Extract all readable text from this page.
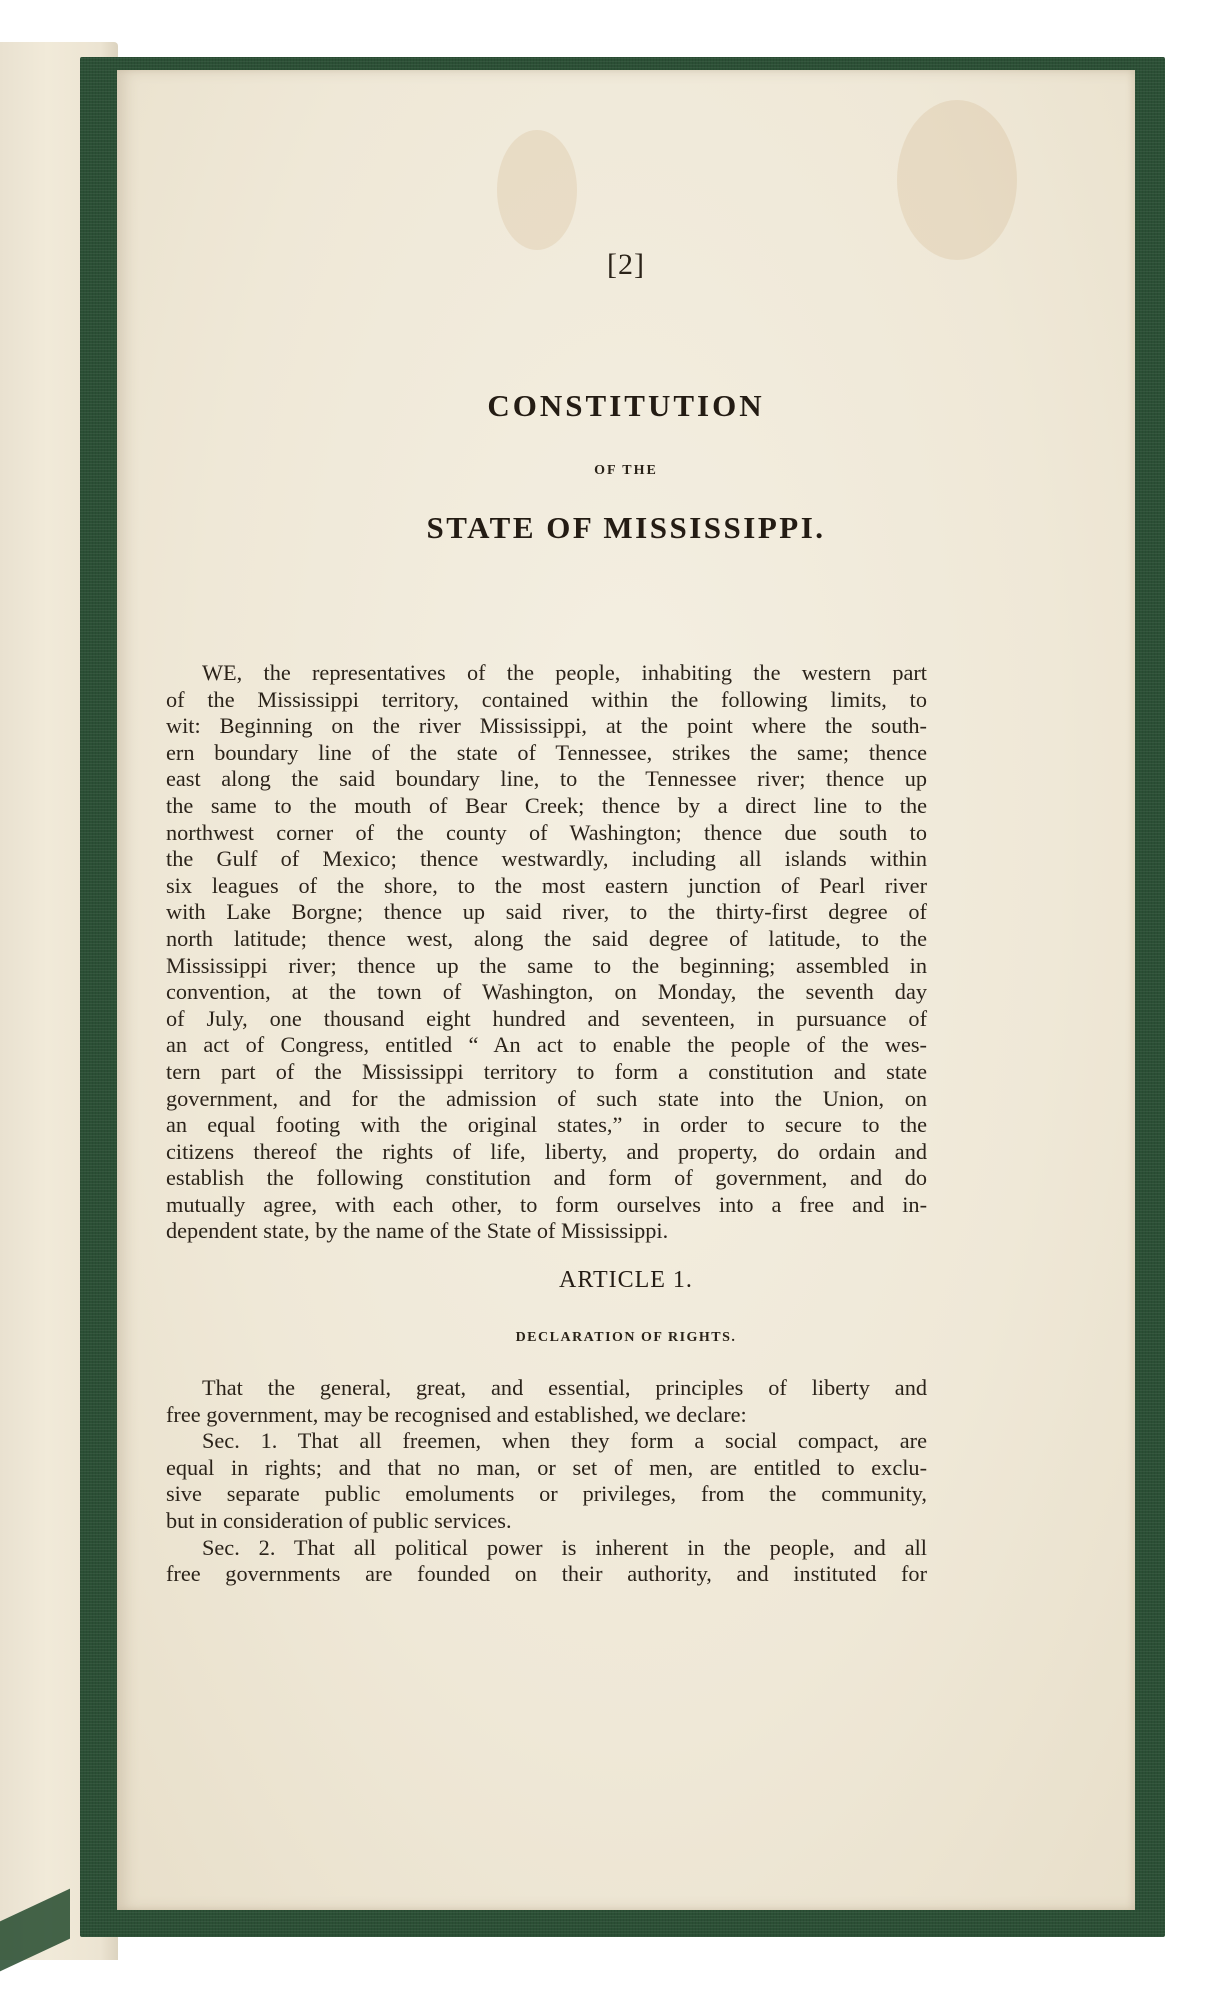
[2]
CONSTITUTION
OF THE
STATE OF MISSISSIPPI.
WE, the representatives of the people, inhabiting the western part
of the Mississippi territory, contained within the following limits, to
wit: Beginning on the river Mississippi, at the point where the south-
ern boundary line of the state of Tennessee, strikes the same; thence
east along the said boundary line, to the Tennessee river; thence up
the same to the mouth of Bear Creek; thence by a direct line to the
northwest corner of the county of Washington; thence due south to
the Gulf of Mexico; thence westwardly, including all islands within
six leagues of the shore, to the most eastern junction of Pearl river
with Lake Borgne; thence up said river, to the thirty-first degree of
north latitude; thence west, along the said degree of latitude, to the
Mississippi river; thence up the same to the beginning; assembled in
convention, at the town of Washington, on Monday, the seventh day
of July, one thousand eight hundred and seventeen, in pursuance of
an act of Congress, entitled “ An act to enable the people of the wes-
tern part of the Mississippi territory to form a constitution and state
government, and for the admission of such state into the Union, on
an equal footing with the original states,” in order to secure to the
citizens thereof the rights of life, liberty, and property, do ordain and
establish the following constitution and form of government, and do
mutually agree, with each other, to form ourselves into a free and in-
dependent state, by the name of the State of Mississippi.
ARTICLE 1.
DECLARATION OF RIGHTS.
That the general, great, and essential, principles of liberty and
free government, may be recognised and established, we declare:
Sec. 1. That all freemen, when they form a social compact, are
equal in rights; and that no man, or set of men, are entitled to exclu-
sive separate public emoluments or privileges, from the community,
but in consideration of public services.
Sec. 2. That all political power is inherent in the people, and all
free governments are founded on their authority, and instituted for
